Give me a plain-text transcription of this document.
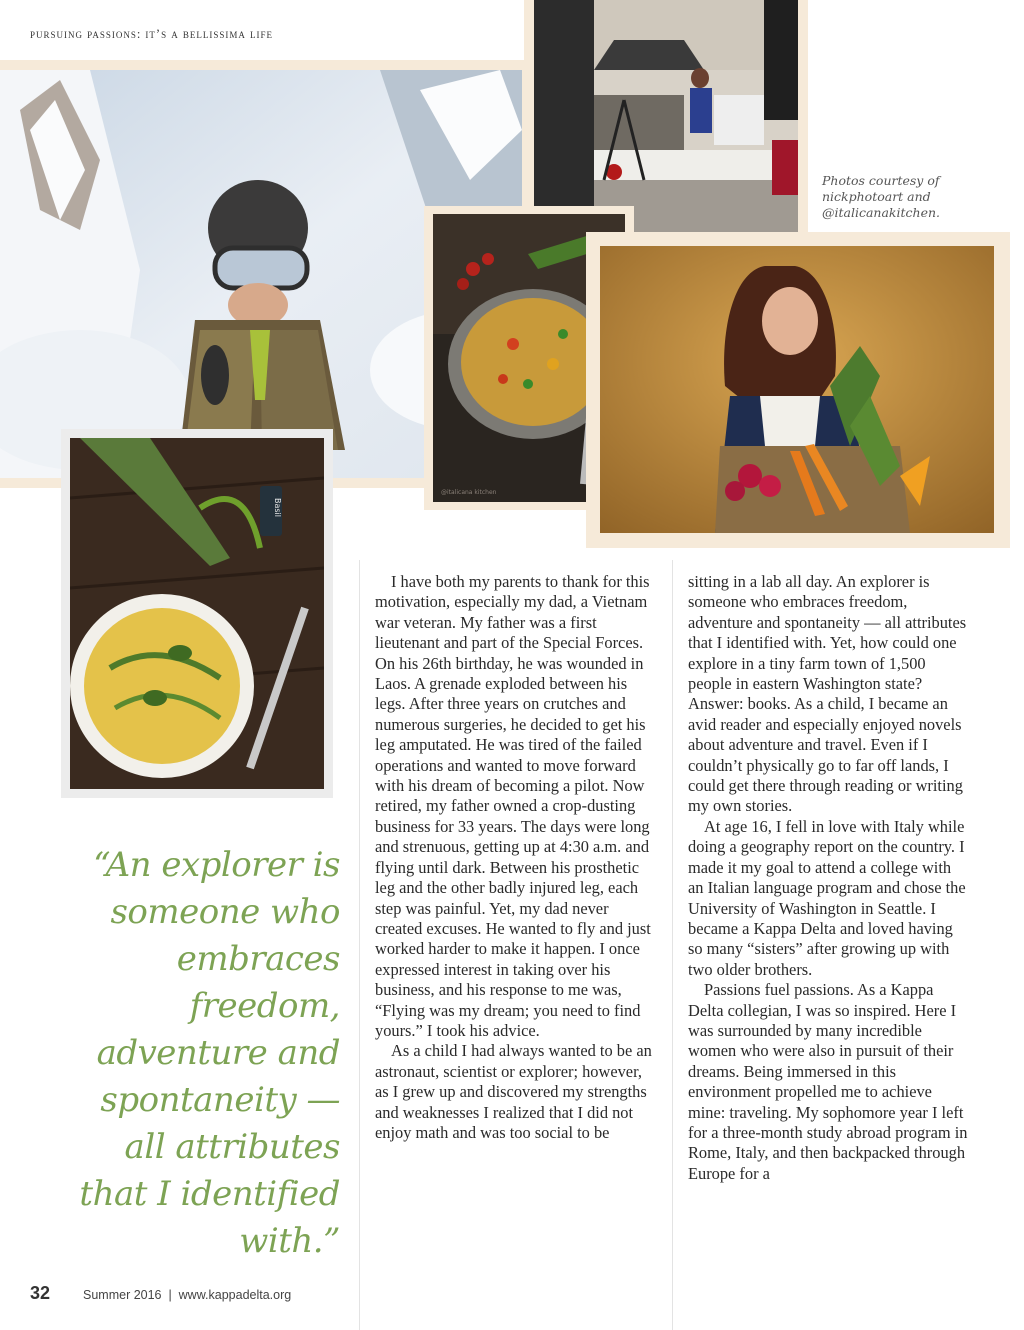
pursuing passions: it’s a bellissima life
Photos courtesy of nickphotoart and @italicanakitchen.
@italicana kitchen
Basil
“An explorer is someone who embraces freedom, adventure and spontaneity — all attributes that I identified with.”

I have both my parents to thank for this motivation, especially my dad, a Vietnam war veteran. My father was a first lieutenant and part of the Special Forces. On his 26th birthday, he was wounded in Laos. A grenade exploded between his legs. After three years on crutches and numerous surgeries, he decided to get his leg amputated. He was tired of the failed operations and wanted to move forward with his dream of becoming a pilot. Now retired, my father owned a crop-dusting business for 33 years. The days were long and strenuous, getting up at 4:30 a.m. and flying until dark. Between his prosthetic leg and the other badly injured leg, each step was painful. Yet, my dad never created excuses. He wanted to fly and just worked harder to make it happen. I once expressed interest in taking over his business, and his response to me was, “Flying was my dream; you need to find yours.” I took his advice.

As a child I had always wanted to be an astronaut, scientist or explorer; however, as I grew up and discovered my strengths and weaknesses I realized that I did not enjoy math and was too social to be

sitting in a lab all day. An explorer is someone who embraces freedom, adventure and spontaneity — all attributes that I identified with. Yet, how could one explore in a tiny farm town of 1,500 people in eastern Washington state? Answer: books. As a child, I became an avid reader and especially enjoyed novels about adventure and travel. Even if I couldn’t physically go to far off lands, I could get there through reading or writing my own stories.

At age 16, I fell in love with Italy while doing a geography report on the country. I made it my goal to attend a college with an Italian language program and chose the University of Washington in Seattle. I became a Kappa Delta and loved having so many “sisters” after growing up with two older brothers.

Passions fuel passions. As a Kappa Delta collegian, I was so inspired. Here I was surrounded by many incredible women who were also in pursuit of their dreams. Being immersed in this environment propelled me to achieve mine: traveling. My sophomore year I left for a three-month study abroad program in Rome, Italy, and then backpacked through Europe for a

32	Summer 2016  |  www.kappadelta.org
